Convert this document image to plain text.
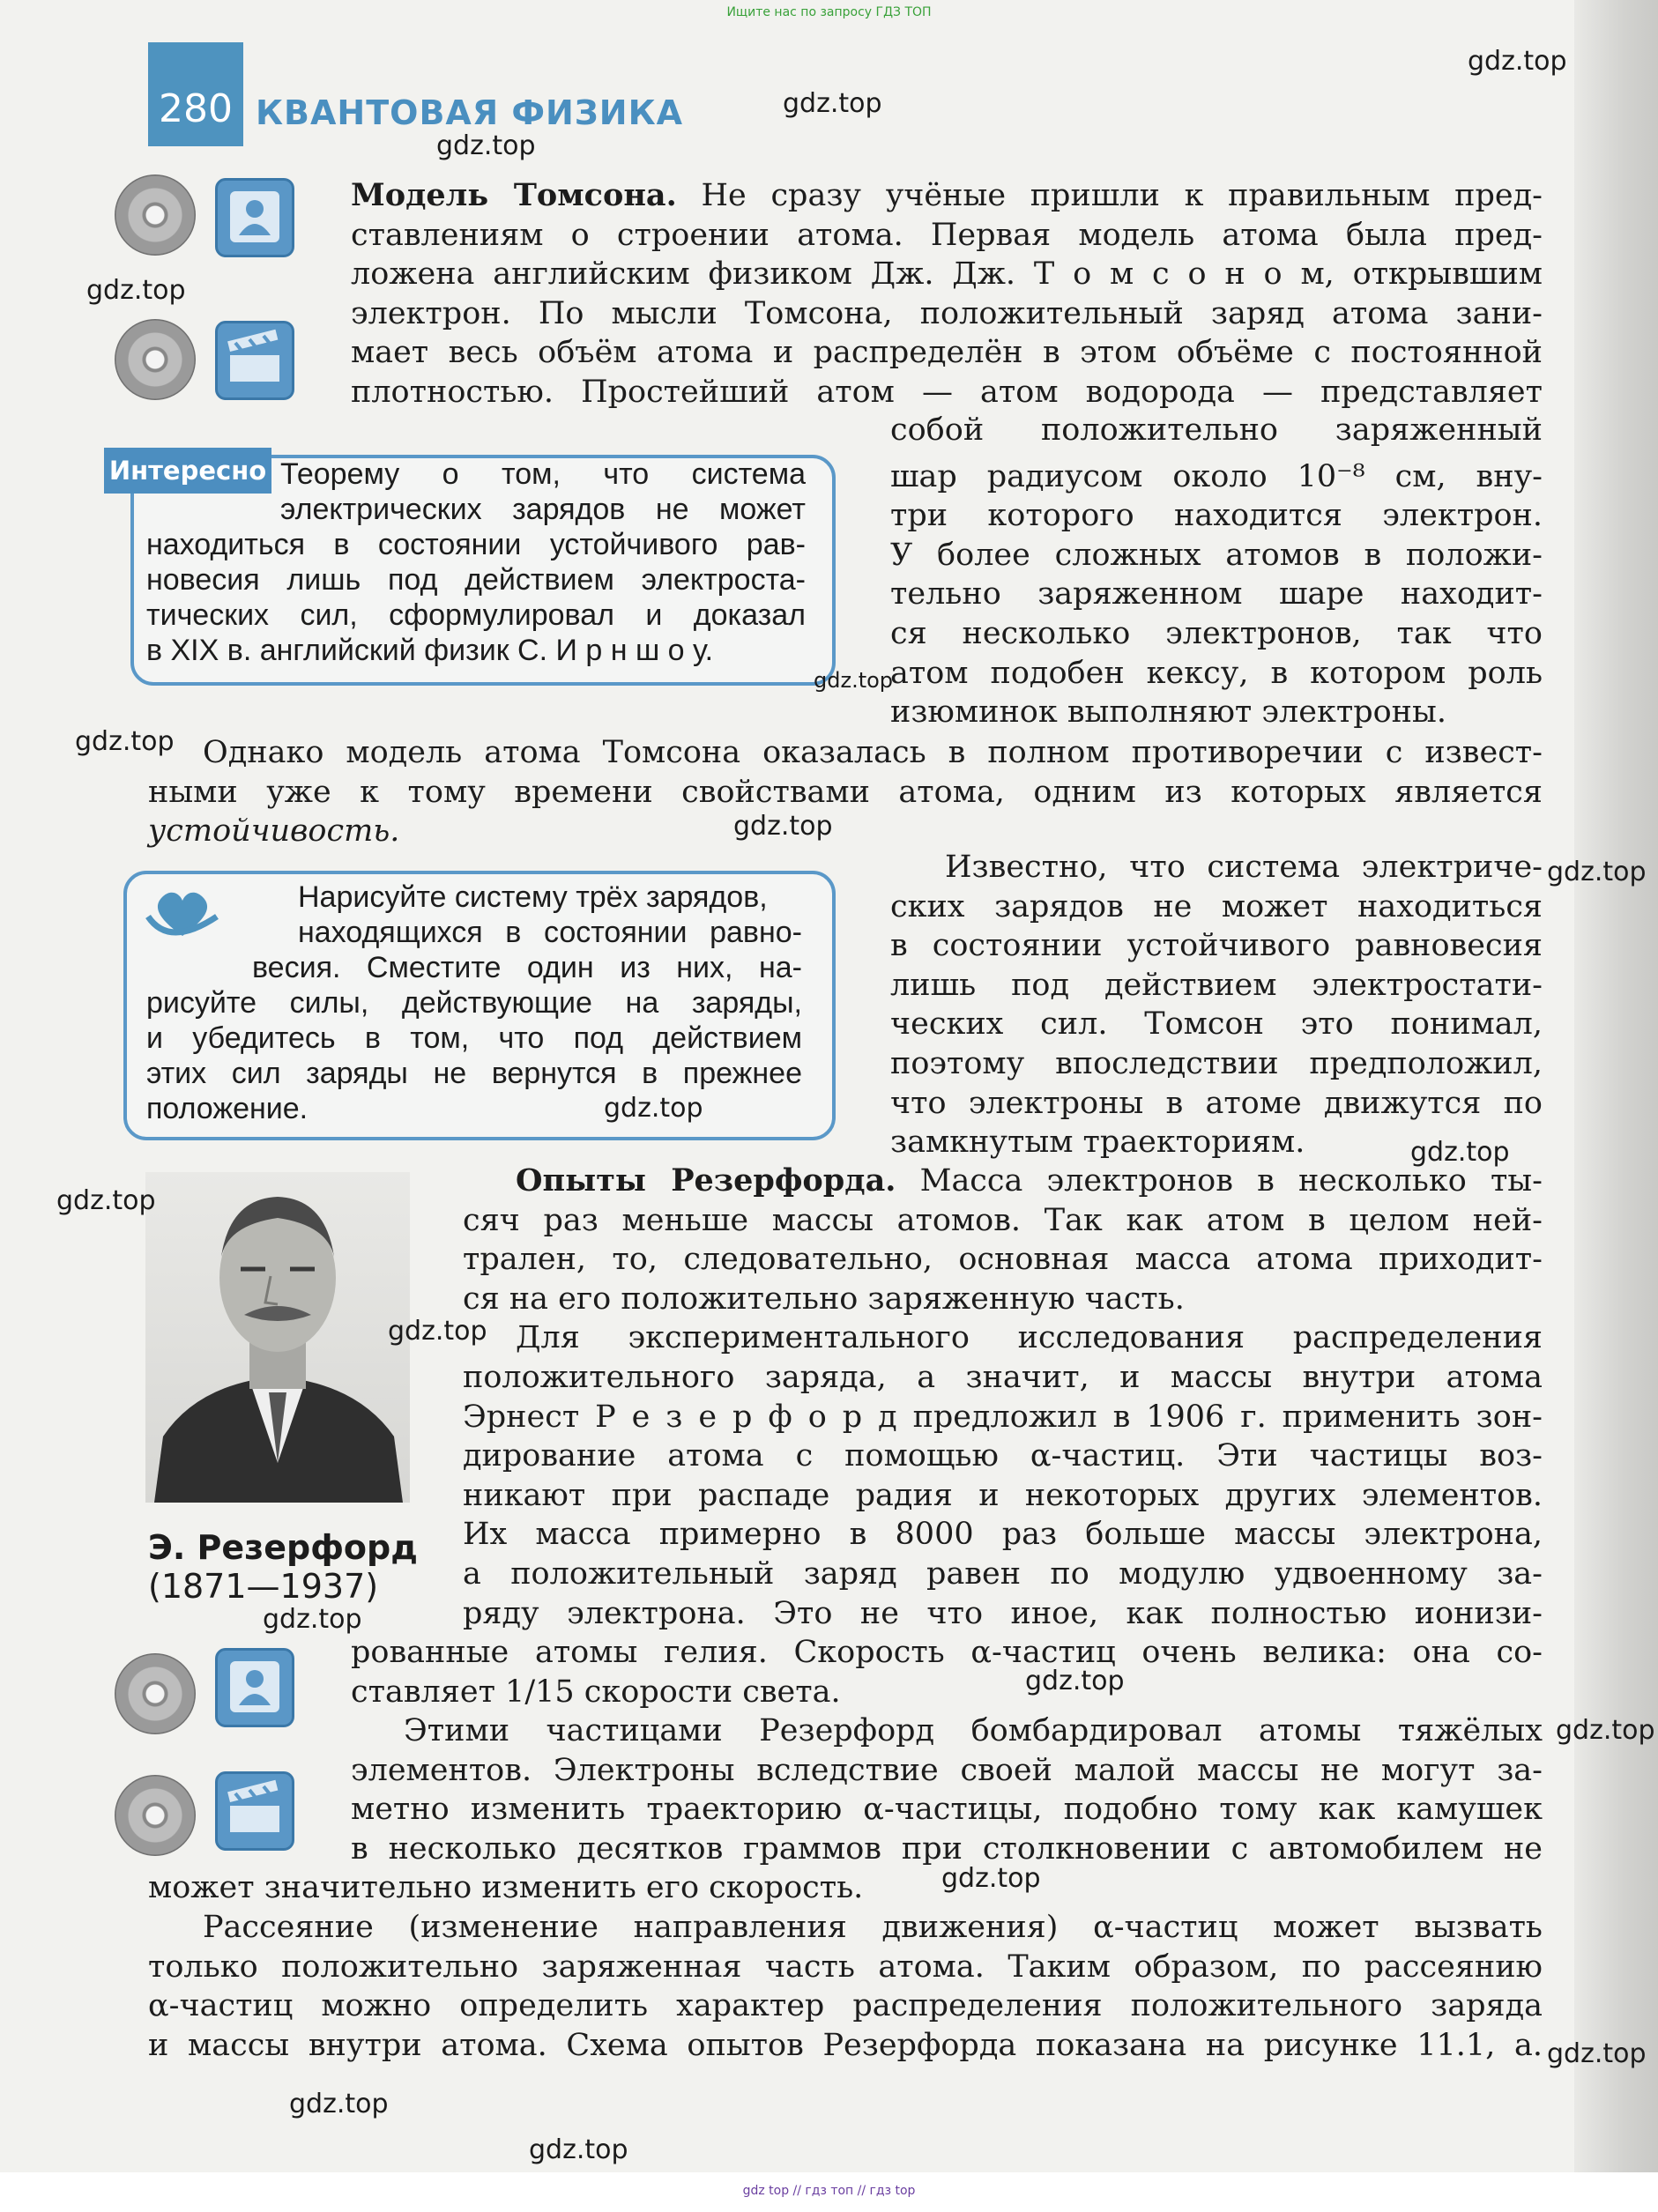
Ищите нас по запросу ГДЗ ТОП
gdz top // гдз топ // гдз top
280 КВАНТОВАЯ ФИЗИКА
Модель Томсона. Не сразу учёные пришли к правильным пред-
ставлениям о строении атома. Первая модель атома была пред-
ложена английским физиком Дж. Дж. Т о м с о н о м, открывшим
электрон. По мысли Томсона, положительный заряд атома зани-
мает весь объём атома и распределён в этом объёме с постоянной
плотностью. Простейший атом — атом водорода — представляет
собой положительно заряженный
шар радиусом около 10⁻⁸ см, вну-
три которого находится электрон.
У более сложных атомов в положи-
тельно заряженном шаре находит-
ся несколько электронов, так что
атом подобен кексу, в котором роль
изюминок выполняют электроны.
Интересно Теорему о том, что система
электрических зарядов не может
находиться в состоянии устойчивого рав-
новесия лишь под действием электроста-
тических сил, сформулировал и доказал
в XIX в. английский физик С. И р н ш о у.
Однако модель атома Томсона оказалась в полном противоречии с извест-
ными уже к тому времени свойствами атома, одним из которых является
устойчивость.
Нарисуйте систему трёх зарядов,
находящихся в состоянии равно-
весия. Сместите один из них, на-
рисуйте силы, действующие на заряды,
и убедитесь в том, что под действием
этих сил заряды не вернутся в прежнее
положение.
Известно, что система электриче-
ских зарядов не может находиться
в состоянии устойчивого равновесия
лишь под действием электростати-
ческих сил. Томсон это понимал,
поэтому впоследствии предположил,
что электроны в атоме движутся по
замкнутым траекториям.
Э. Резерфорд
(1871—1937)
Опыты Резерфорда. Масса электронов в несколько ты-
сяч раз меньше массы атомов. Так как атом в целом ней-
трален, то, следовательно, основная масса атома приходит-
ся на его положительно заряженную часть.
Для экспериментального исследования распределения
положительного заряда, а значит, и массы внутри атома
Эрнест Р е з е р ф о р д предложил в 1906 г. применить зон-
дирование атома с помощью α-частиц. Эти частицы воз-
никают при распаде радия и некоторых других элементов.
Их масса примерно в 8000 раз больше массы электрона,
а положительный заряд равен по модулю удвоенному за-
ряду электрона. Это не что иное, как полностью ионизи-
рованные атомы гелия. Скорость α-частиц очень велика: она со-
ставляет 1/15 скорости света.
Этими частицами Резерфорд бомбардировал атомы тяжёлых
элементов. Электроны вследствие своей малой массы не могут за-
метно изменить траекторию α-частицы, подобно тому как камушек
в несколько десятков граммов при столкновении с автомобилем не
может значительно изменить его скорость.
Рассеяние (изменение направления движения) α-частиц может вызвать
только положительно заряженная часть атома. Таким образом, по рассеянию
α-частиц можно определить характер распределения положительного заряда
и массы внутри атома. Схема опытов Резерфорда показана на рисунке 11.1, а.
gdz.top
gdz.top
gdz.top
gdz.top
gdz.top
gdz.top
gdz.top
gdz.top
gdz.top
gdz.top
gdz.top
gdz.top
gdz.top
gdz.top
gdz.top
gdz.top
gdz.top
gdz.top
gdz.top
